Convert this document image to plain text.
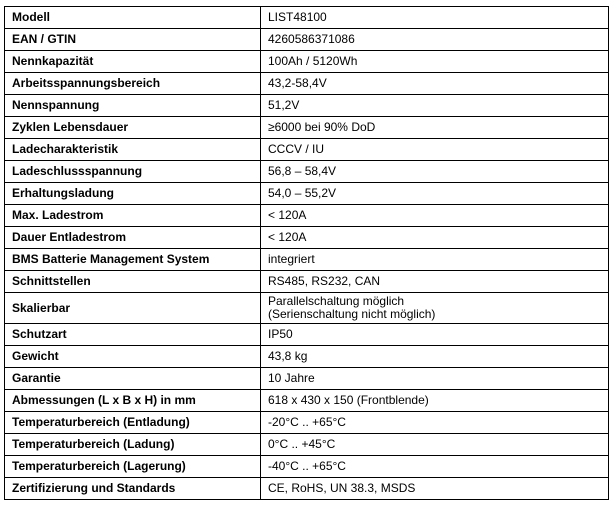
Modell	LIST48100

EAN / GTIN	4260586371086

Nennkapazität	100Ah / 5120Wh

Arbeitsspannungsbereich	43,2-58,4V

Nennspannung	51,2V

Zyklen Lebensdauer	≥6000 bei 90% DoD

Ladecharakteristik	CCCV / IU

Ladeschlussspannung	56,8 – 58,4V

Erhaltungsladung	54,0 – 55,2V

Max. Ladestrom	< 120A

Dauer Entladestrom	< 120A

BMS Batterie Management System	integriert

Schnittstellen	RS485, RS232, CAN

Skalierbar	Parallelschaltung möglich
(Serienschaltung nicht möglich)

Schutzart	IP50

Gewicht	43,8 kg

Garantie	10 Jahre

Abmessungen (L x B x H) in mm	618 x 430 x 150 (Frontblende)

Temperaturbereich (Entladung)	-20°C .. +65°C

Temperaturbereich (Ladung)	0°C .. +45°C

Temperaturbereich (Lagerung)	-40°C .. +65°C

Zertifizierung und Standards	CE, RoHS, UN 38.3, MSDS
